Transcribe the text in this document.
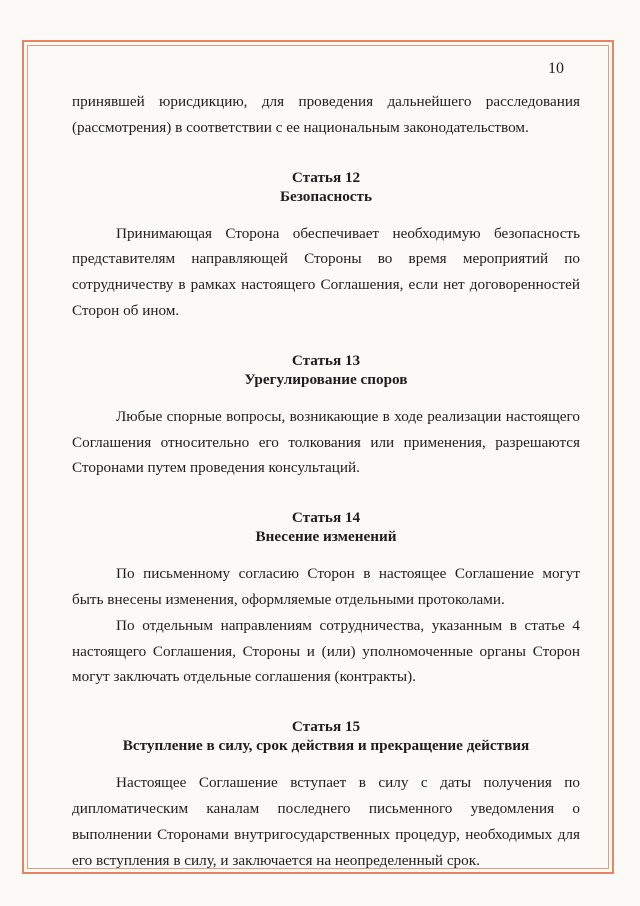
10

принявшей юрисдикцию, для проведения дальнейшего расследования (рассмотрения) в соответствии с ее национальным законодательством.

Статья 12
Безопасность

Принимающая Сторона обеспечивает необходимую безопасность представителям направляющей Стороны во время мероприятий по сотрудничеству в рамках настоящего Соглашения, если нет договоренностей Сторон об ином.

Статья 13
Урегулирование споров

Любые спорные вопросы, возникающие в ходе реализации настоящего Соглашения относительно его толкования или применения, разрешаются Сторонами путем проведения консультаций.

Статья 14
Внесение изменений

По письменному согласию Сторон в настоящее Соглашение могут быть внесены изменения, оформляемые отдельными протоколами.

По отдельным направлениям сотрудничества, указанным в статье 4 настоящего Соглашения, Стороны и (или) уполномоченные органы Сторон могут заключать отдельные соглашения (контракты).

Статья 15
Вступление в силу, срок действия и прекращение действия

Настоящее Соглашение вступает в силу с даты получения по дипломатическим каналам последнего письменного уведомления о выполнении Сторонами внутригосударственных процедур, необходимых для его вступления в силу, и заключается на неопределенный срок.
